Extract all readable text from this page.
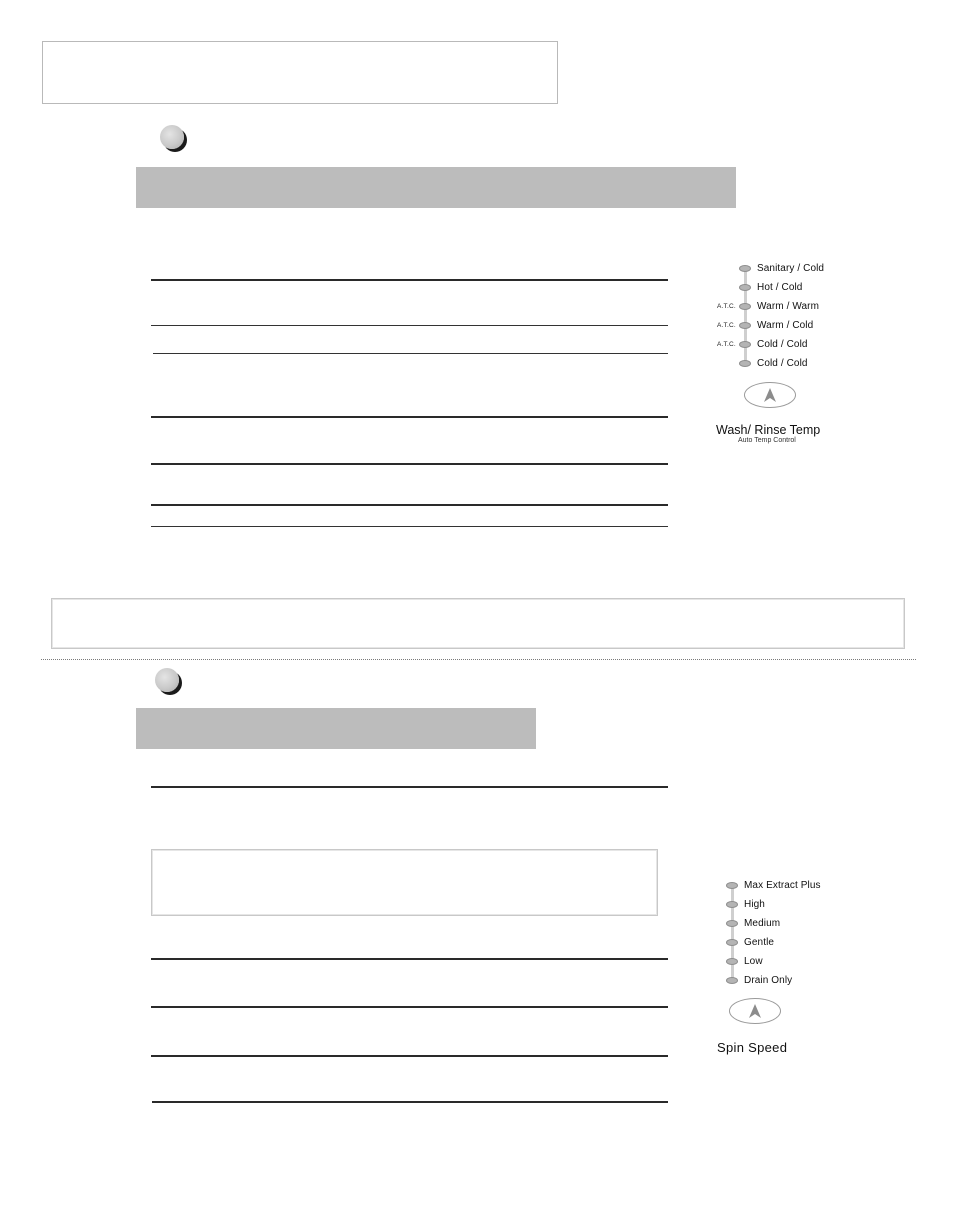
Sanitary / Cold
Hot / Cold
Warm / Warm
Warm / Cold
Cold / Cold
Cold / Cold
A.T.C.
A.T.C.
A.T.C.
Wash/ Rinse Temp
Auto Temp Control
Max Extract Plus
High
Medium
Gentle
Low
Drain Only
Spin Speed
